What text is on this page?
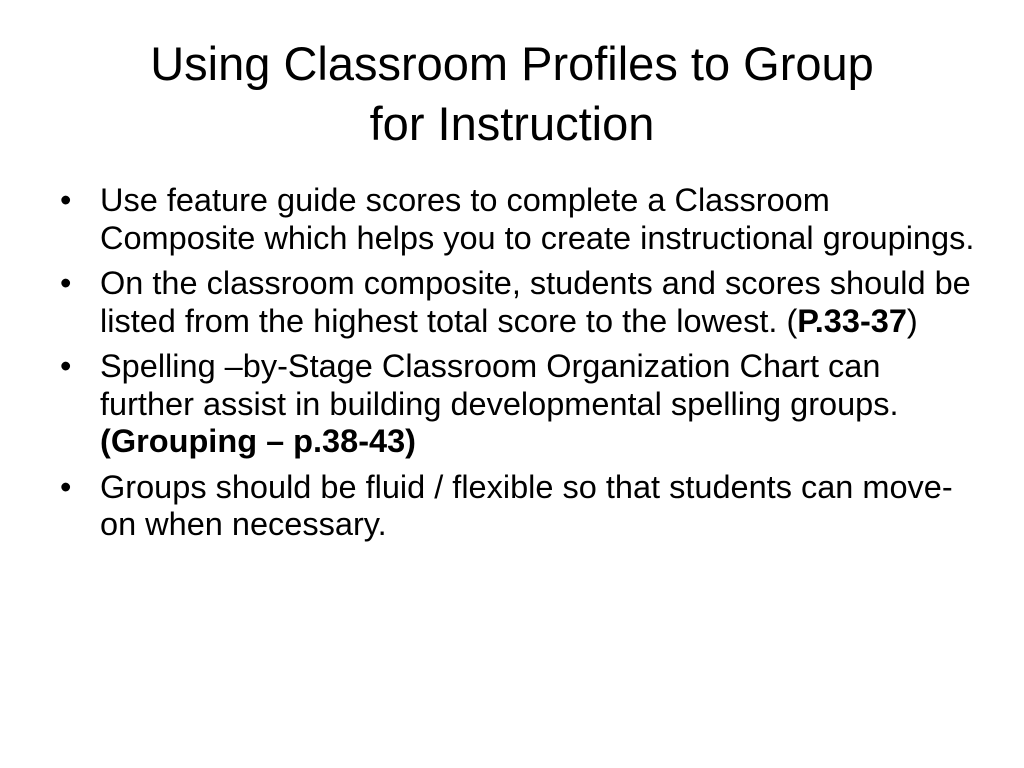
Using Classroom Profiles to Group
for Instruction
• Use feature guide scores to complete a Classroom Composite which helps you to create instructional groupings.
• On the classroom composite, students and scores should be listed from the highest total score to the lowest. (P.33-37)
• Spelling –by-Stage Classroom Organization Chart can further assist in building developmental spelling groups. (Grouping – p.38-43)
• Groups should be fluid / flexible so that students can move-on when necessary.
